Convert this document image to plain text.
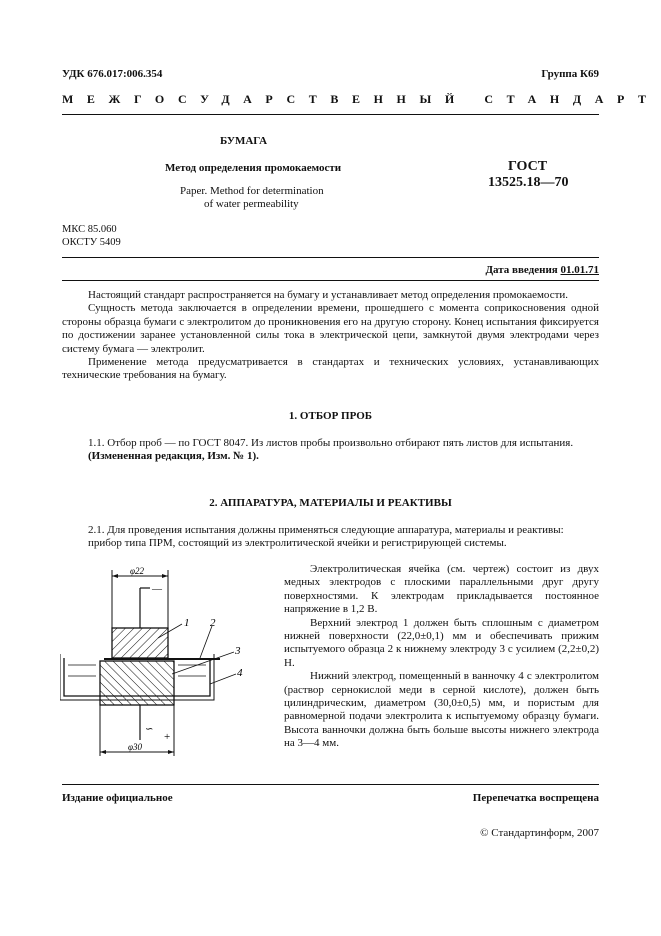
УДК 676.017:006.354	Группа К69
МЕЖГОСУДАРСТВЕННЫЙ СТАНДАРТ
БУМАГА
Метод определения промокаемости
Paper. Method for determination
of water permeability
ГОСТ
13525.18—70
МКС 85.060
ОКСТУ 5409
Дата введения 01.01.71
Настоящий стандарт распространяется на бумагу и устанавливает метод определения промокаемости.
Сущность метода заключается в определении времени, прошедшего с момента соприкосновения одной стороны образца бумаги с электролитом до проникновения его на другую сторону. Конец испытания фиксируется по достижении заранее установленной силы тока в электрической цепи, замкнутой двумя электродами через систему бумага — электролит.
Применение метода предусматривается в стандартах и технических условиях, устанавливающих технические требования на бумагу.
1. ОТБОР ПРОБ
1.1. Отбор проб — по ГОСТ 8047. Из листов пробы произвольно отбирают пять листов для испытания.
(Измененная редакция, Изм. № 1).
2. АППАРАТУРА, МАТЕРИАЛЫ И РЕАКТИВЫ
2.1. Для проведения испытания должны применяться следующие аппаратура, материалы и реактивы:
прибор типа ПРМ, состоящий из электролитической ячейки и регистрирующей системы.
Электролитическая ячейка (см. чертеж) состоит из двух медных электродов с плоскими параллельными друг другу поверхностями. К электродам прикладывается постоянное напряжение в 1,2 В.
Верхний электрод 1 должен быть сплошным с диаметром нижней поверхности (22,0±0,1) мм и обеспечивать прижим испытуемого образца 2 к нижнему электроду 3 с усилием (2,2±0,2) Н.
Нижний электрод, помещенный в ванночку 4 с электролитом (раствор сернокислой меди в серной кислоте), должен быть цилиндрическим, диаметром (30,0±0,5) мм, и пористым для равномерной подачи электролита к испытуемому образцу бумаги. Высота ванночки должна быть больше высоты нижнего электрода на 3—4 мм.
φ22
—
∽
+
φ30
1 2
3
4
Издание официальное	Перепечатка воспрещена
© Стандартинформ, 2007
